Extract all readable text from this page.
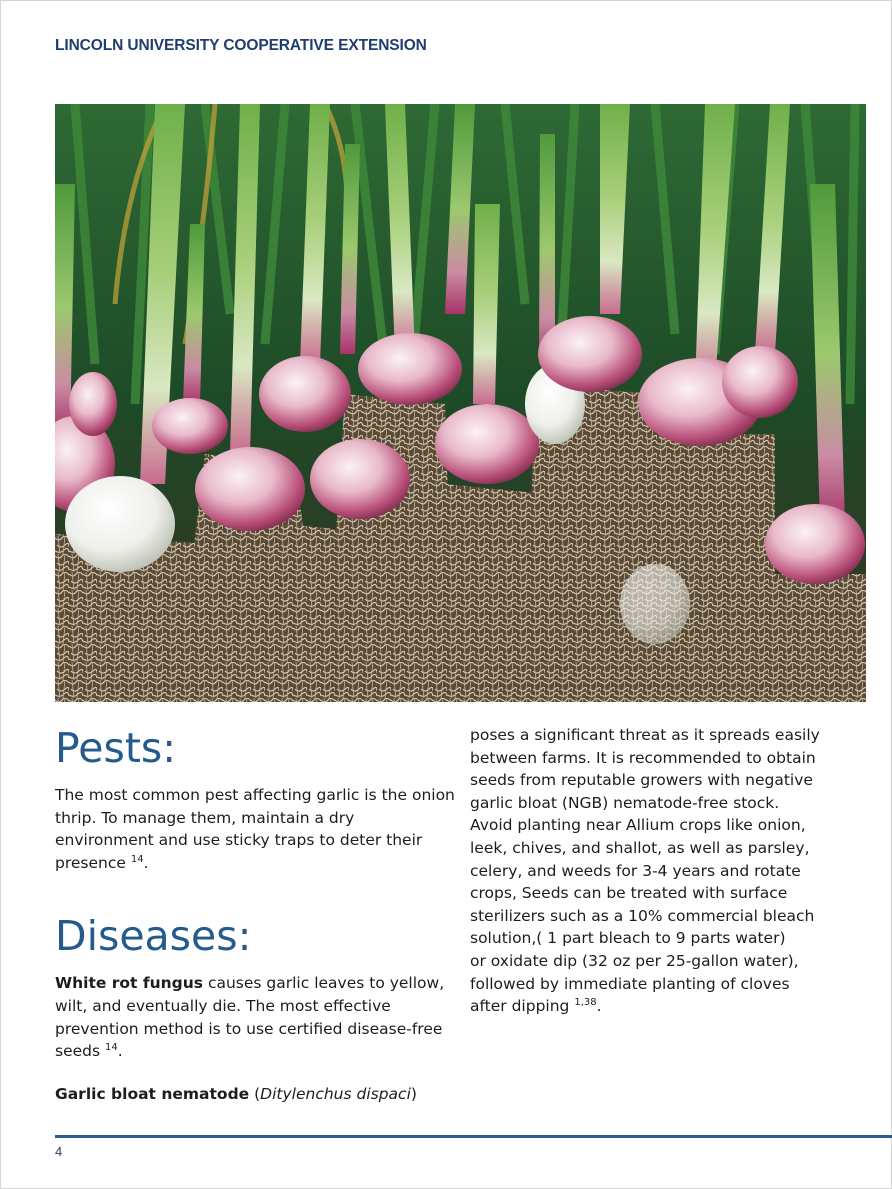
LINCOLN UNIVERSITY COOPERATIVE EXTENSION
Pests:

The most common pest affecting garlic is the onion thrip. To manage them, maintain a dry environment and use sticky traps to deter their presence $^{14}$.

Diseases:

White rot fungus causes garlic leaves to yellow, wilt, and eventually die. The most effective prevention method is to use certified disease-free seeds $^{14}$.

Garlic bloat nematode (Ditylenchus dispaci)

poses a significant threat as it spreads easily
between farms. It is recommended to obtain
seeds from reputable growers with negative
garlic bloat (NGB) nematode-free stock.
Avoid planting near Allium crops like onion,
leek, chives, and shallot, as well as parsley,
celery, and weeds for 3-4 years and rotate
crops, Seeds can be treated with surface
sterilizers such as a 10% commercial bleach
solution,( 1 part bleach to 9 parts water)
or oxidate dip (32 oz per 25-gallon water),
followed by immediate planting of cloves
after dipping $^{1,38}$.

4
